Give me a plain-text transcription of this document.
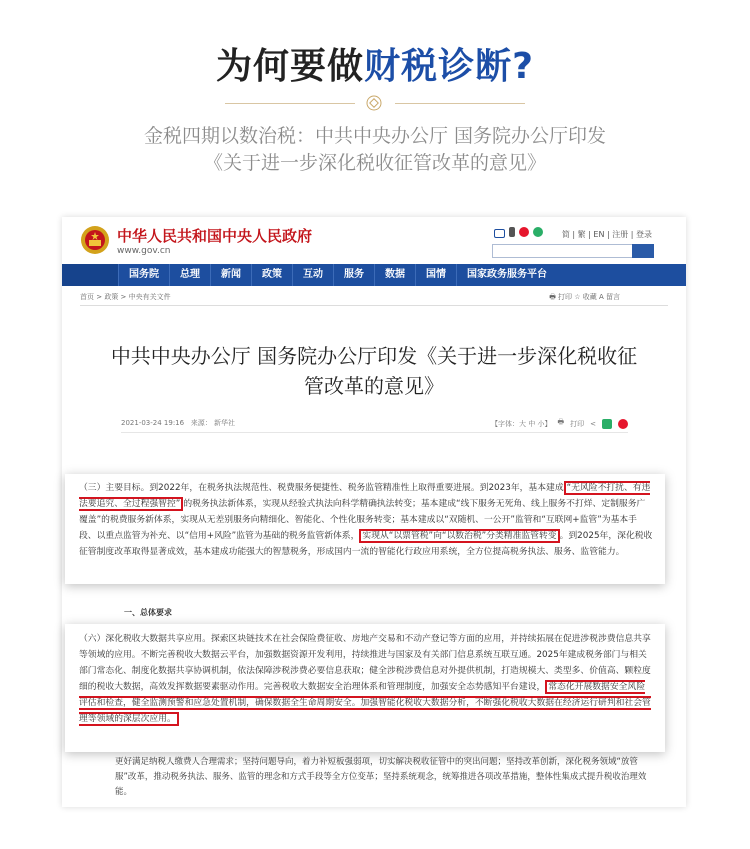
为何要做财税诊断?
金税四期以数治税：中共中央办公厅 国务院办公厅印发
《关于进一步深化税收征管改革的意见》
中华人民共和国中央人民政府
www.gov.cn
简 | 繁 | EN | 注册 | 登录
国务院	总理	新闻	政策	互动	服务	数据	国情	国家政务服务平台
首页 > 政策 > 中央有关文件	🖶 打印 ☆ 收藏 A 留言
中共中央办公厅 国务院办公厅印发《关于进一步深化税收征管改革的意见》
2021-03-24 19:16 来源： 新华社	【字体：大 中 小】 🖶 打印 <
一、总体要求
更好满足纳税人缴费人合理需求；坚持问题导向，着力补短板强弱项，切实解决税收征管中的突出问题；坚持改革创新，深化税务领域“放管服”改革，推动税务执法、服务、监管的理念和方式手段等全方位变革；坚持系统观念，统筹推进各项改革措施，整体性集成式提升税收治理效能。

（三）主要目标。到2022年，在税务执法规范性、税费服务便捷性、税务监管精准性上取得重要进展。到2023年，基本建成 “无风险不打扰、有违法要追究、全过程强智控” 的税务执法新体系，实现从经验式执法向科学精确执法转变；基本建成“线下服务无死角、线上服务不打烊、定制服务广覆盖”的税费服务新体系，实现从无差别服务向精细化、智能化、个性化服务转变；基本建成以“双随机、一公开”监管和“互联网+监管”为基本手段、以重点监管为补充、以“信用+风险”监管为基础的税务监管新体系， 实现从“以票管税”向“以数治税”分类精准监管转变 。到2025年，深化税收征管制度改革取得显著成效，基本建成功能强大的智慧税务，形成国内一流的智能化行政应用系统，全方位提高税务执法、服务、监管能力。

（六）深化税收大数据共享应用。探索区块链技术在社会保险费征收、房地产交易和不动产登记等方面的应用，并持续拓展在促进涉税涉费信息共享等领域的应用。不断完善税收大数据云平台，加强数据资源开发利用，持续推进与国家及有关部门信息系统互联互通。2025年建成税务部门与相关部门常态化、制度化数据共享协调机制，依法保障涉税涉费必要信息获取；健全涉税涉费信息对外提供机制，打造规模大、类型多、价值高、颗粒度细的税收大数据，高效发挥数据要素驱动作用。完善税收大数据安全治理体系和管理制度，加强安全态势感知平台建设， 常态化开展数据安全风险评估和检查，健全监测预警和应急处置机制，确保数据全生命周期安全。加强智能化税收大数据分析，不断强化税收大数据在经济运行研判和社会管理等领域的深层次应用。
